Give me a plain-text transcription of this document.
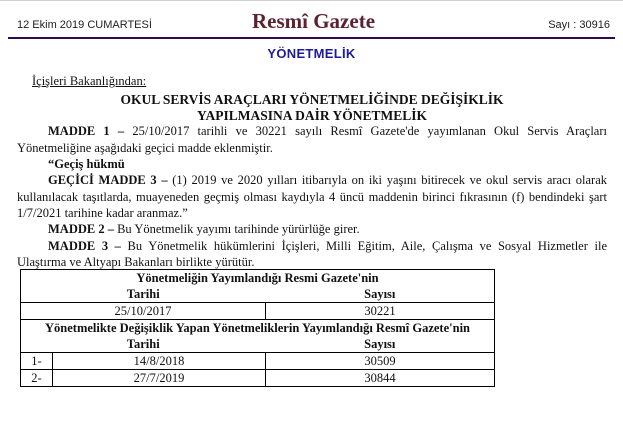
12 Ekim 2019 CUMARTESİ	Resmî Gazete	Sayı : 30916
YÖNETMELİK
İçişleri Bakanlığından:
OKUL SERVİS ARAÇLARI YÖNETMELİĞİNDE DEĞİŞİKLİK
YAPILMASINA DAİR YÖNETMELİK

MADDE 1 – 25/10/2017 tarihli ve 30221 sayılı Resmî Gazete'de yayımlanan Okul Servis Araçları Yönetmeliğine aşağıdaki geçici madde eklenmiştir.

“Geçiş hükmü

GEÇİCİ MADDE 3 – (1) 2019 ve 2020 yılları itibarıyla on iki yaşını bitirecek ve okul servis aracı olarak kullanılacak taşıtlarda, muayeneden geçmiş olması kaydıyla 4 üncü maddenin birinci fıkrasının (f) bendindeki şart 1/7/2021 tarihine kadar aranmaz.”

MADDE 2 – Bu Yönetmelik yayımı tarihinde yürürlüğe girer.

MADDE 3 – Bu Yönetmelik hükümlerini İçişleri, Milli Eğitim, Aile, Çalışma ve Sosyal Hizmetler ile Ulaştırma ve Altyapı Bakanları birlikte yürütür.

Yönetmeliğin Yayımlandığı Resmi Gazete'nin		
Tarihi		Sayısı
25/10/2017		30221
Yönetmelikte Değişiklik Yapan Yönetmeliklerin Yayımlandığı Resmî Gazete'nin		
Tarihi		Sayısı
1-	14/8/2018	30509
2-	27/7/2019	30844
